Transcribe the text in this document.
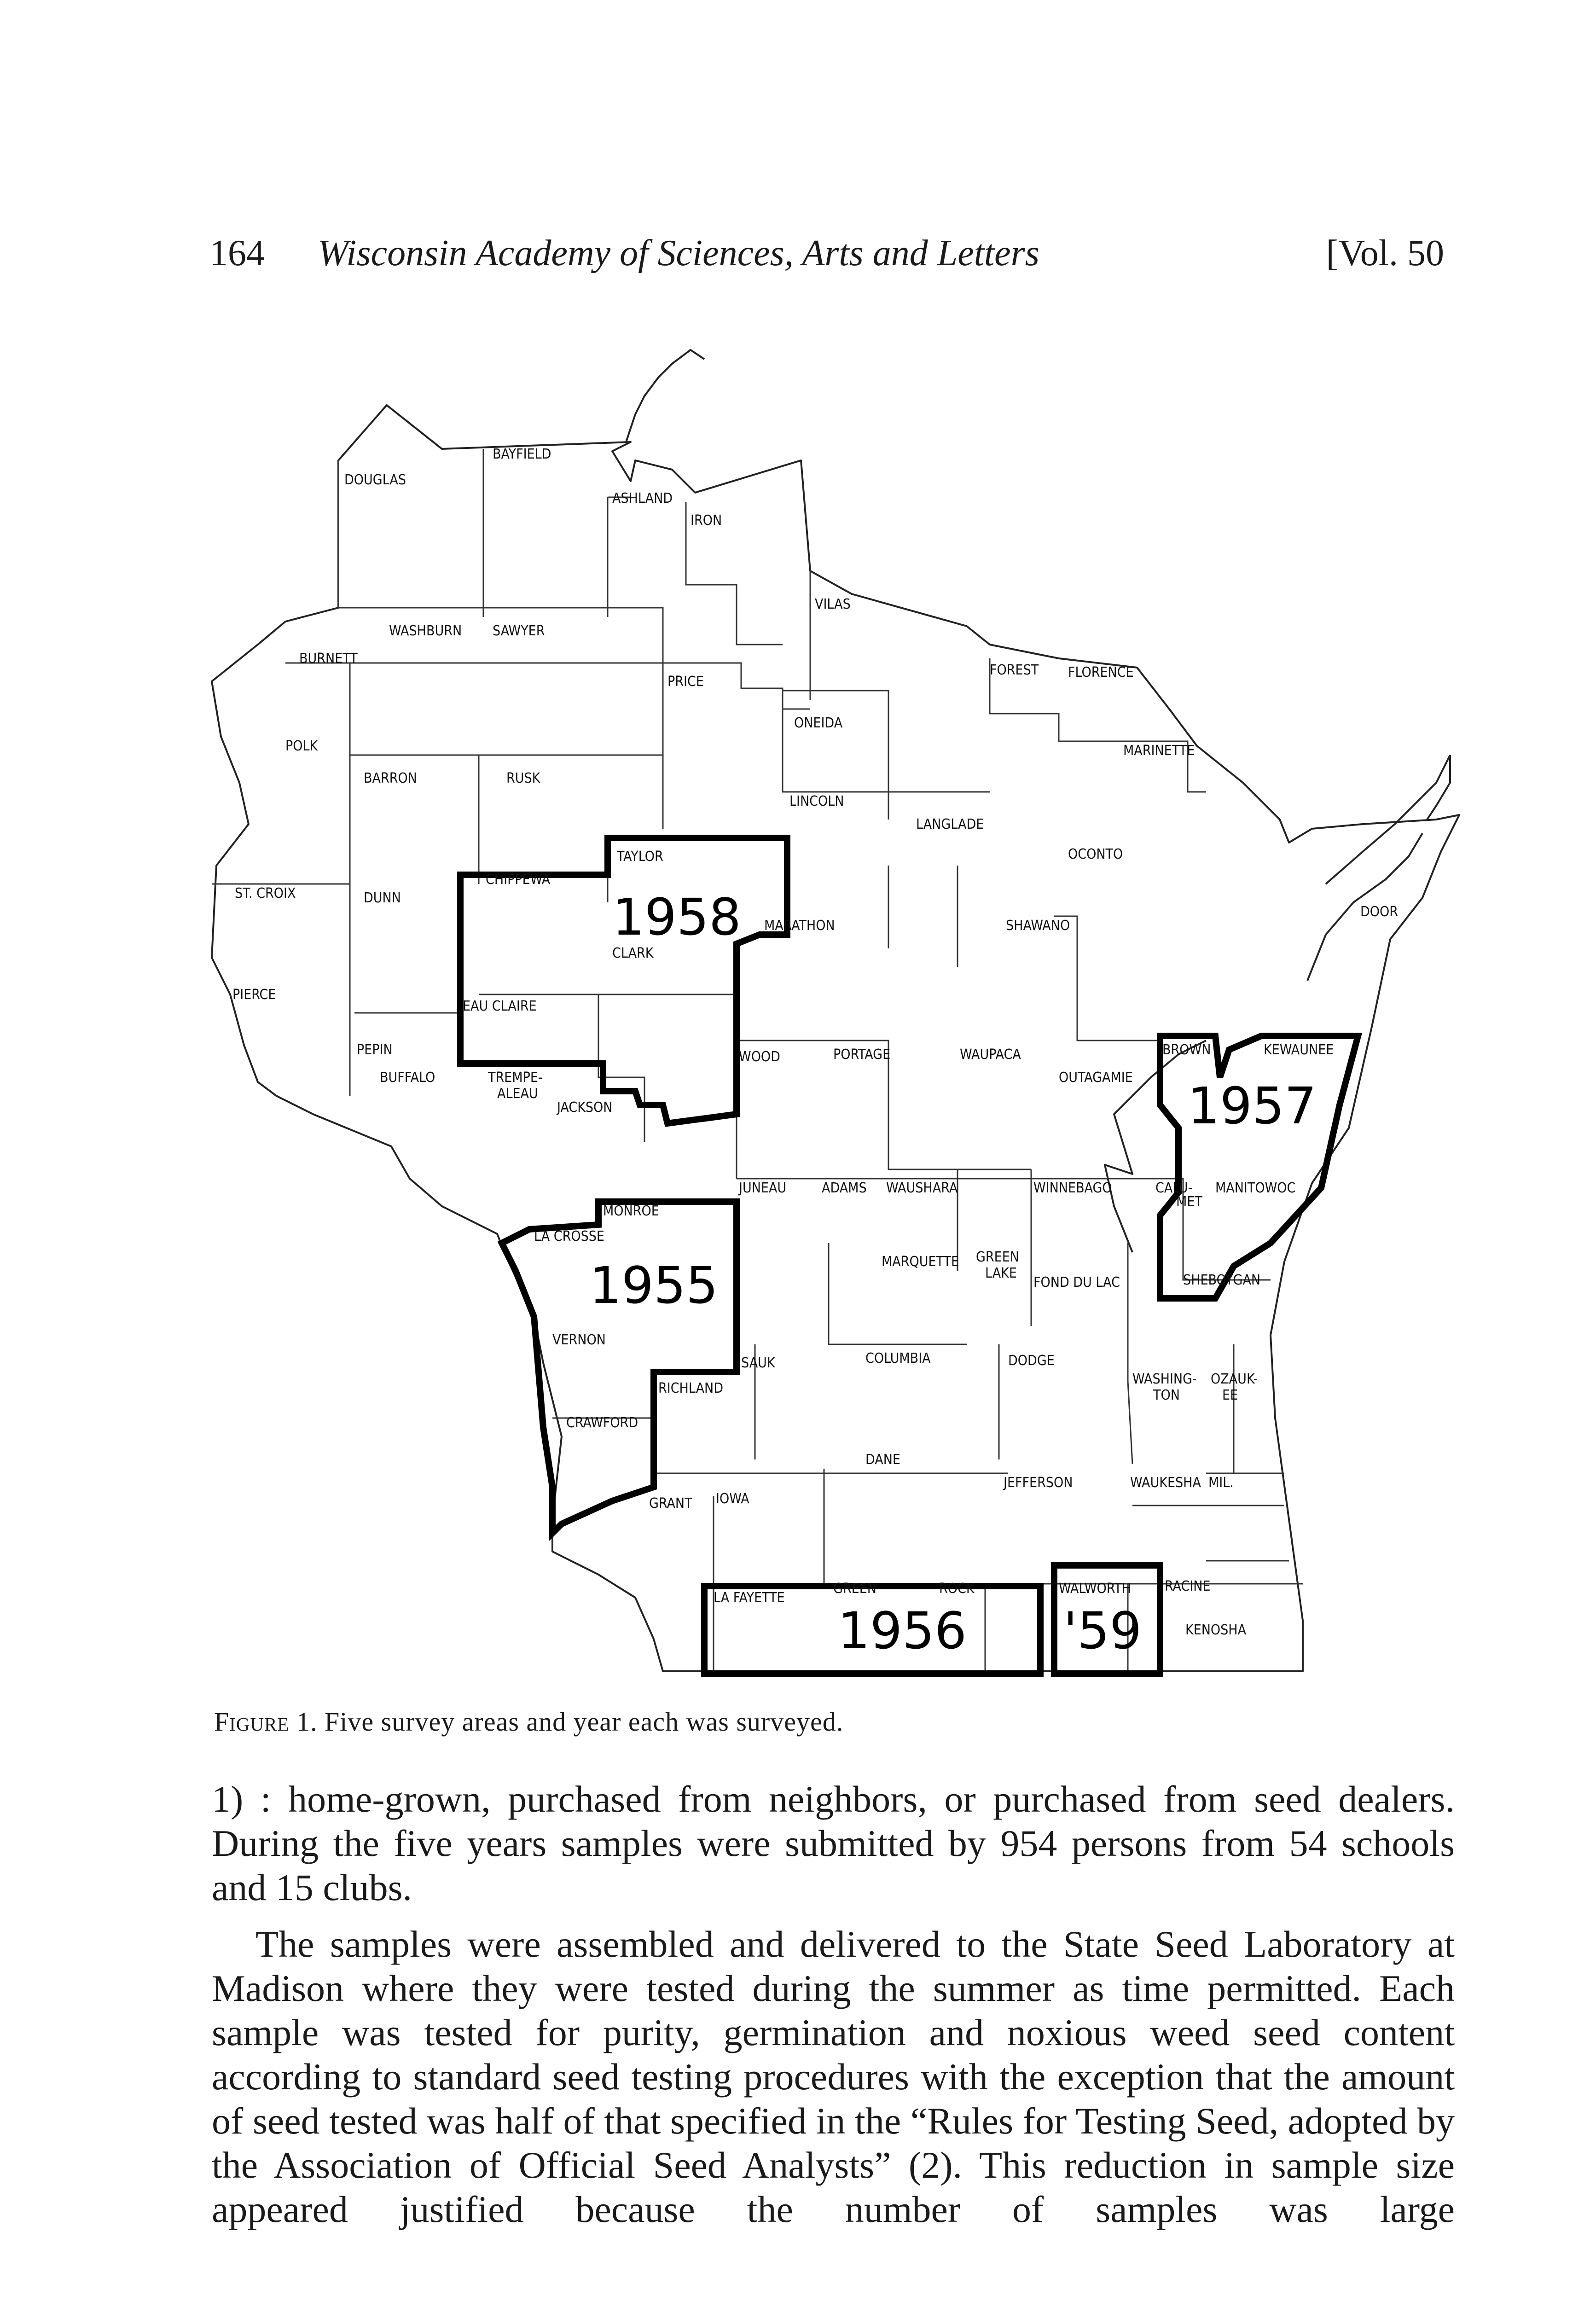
164 Wisconsin Academy of Sciences, Arts and Letters	[Vol. 50
1958
1957
1955
1956 '59
DOUGLAS
BAYFIELD
ASHLAND
IRON
VILAS
WASHBURN SAWYER
BURNETT
POLK
PRICE
ONEIDA
FOREST FLORENCE
MARINETTE
BARRON	RUSK
LINCOLN
LANGLADE
OCONTO
TAYLOR
CHIPPEWA
ST. CROIX	DUNN
MARATHON	SHAWANO
DOOR
CLARK
PIERCE
EAU CLAIRE
PEPIN
BUFFALO	TREMPE-
ALEAU
JACKSON
WOOD	PORTAGE	WAUPACA
OUTAGAMIE
BROWN	KEWAUNEE
JUNEAU	ADAMS WAUSHARA	WINNEBAGO	CALU-
MET
MANITOWOC
MONROE
LA CROSSE
MARQUETTE GREEN
LAKE
FOND DU LAC	SHEBOYGAN
VERNON
SAUK	COLUMBIA	DODGE
WASHING-
TON
OZAUK-
EE
RICHLAND
CRAWFORD
DANE
JEFFERSON	WAUKESHA MIL.
GRANT IOWA
LA FAYETTE
GREEN	ROCK	WALWORTH RACINE
KENOSHA
Figure 1. Five survey areas and year each was surveyed.
1) : home-grown, purchased from neighbors, or purchased from seed dealers. During the five years samples were submitted by 954 persons from 54 schools and 15 clubs.
The samples were assembled and delivered to the State Seed Laboratory at Madison where they were tested during the summer as time permitted. Each sample was tested for purity, germination and noxious weed seed content according to standard seed testing procedures with the exception that the amount of seed tested was half of that specified in the “Rules for Testing Seed, adopted by the Association of Official Seed Analysts” (2). This reduction in sample size appeared justified because the number of samples was large
